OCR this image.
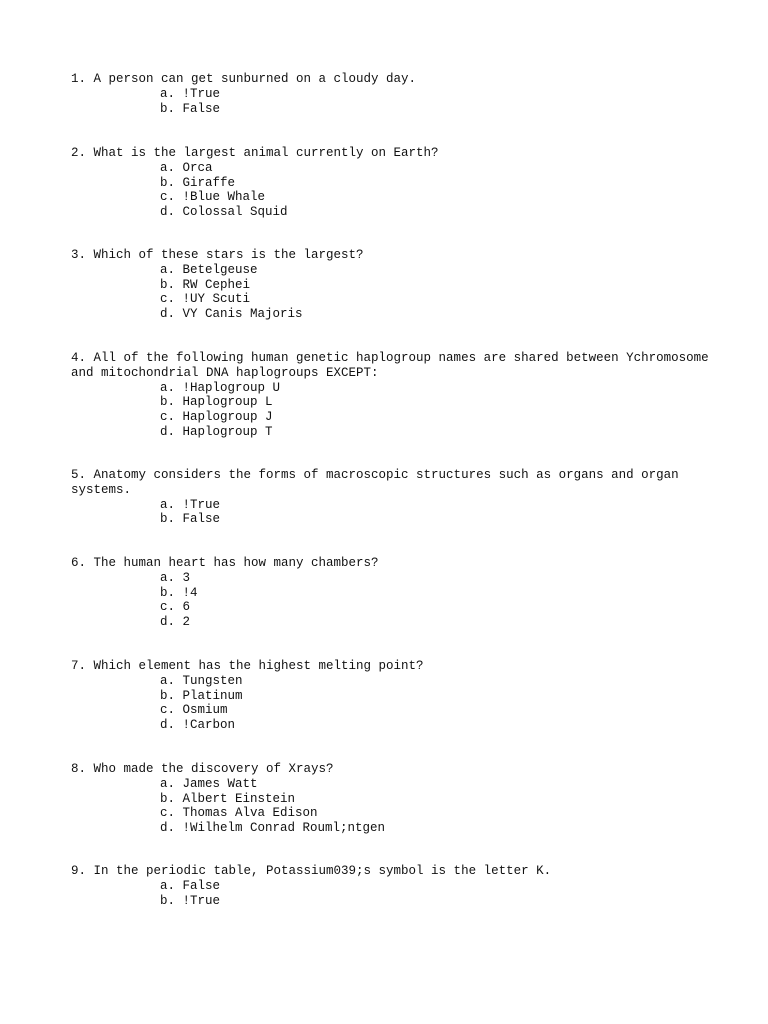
1. A person can get sunburned on a cloudy day.
a. !True
b. False
2. What is the largest animal currently on Earth?
a. Orca
b. Giraffe
c. !Blue Whale
d. Colossal Squid
3. Which of these stars is the largest?
a. Betelgeuse
b. RW Cephei
c. !UY Scuti
d. VY Canis Majoris
4. All of the following human genetic haplogroup names are shared between Ychromosome and mitochondrial DNA haplogroups EXCEPT:
a. !Haplogroup U
b. Haplogroup L
c. Haplogroup J
d. Haplogroup T
5. Anatomy considers the forms of macroscopic structures such as organs and organ systems.
a. !True
b. False
6. The human heart has how many chambers?
a. 3
b. !4
c. 6
d. 2
7. Which element has the highest melting point?
a. Tungsten
b. Platinum
c. Osmium
d. !Carbon
8. Who made the discovery of Xrays?
a. James Watt
b. Albert Einstein
c. Thomas Alva Edison
d. !Wilhelm Conrad Rouml;ntgen
9. In the periodic table, Potassium039;s symbol is the letter K.
a. False
b. !True
